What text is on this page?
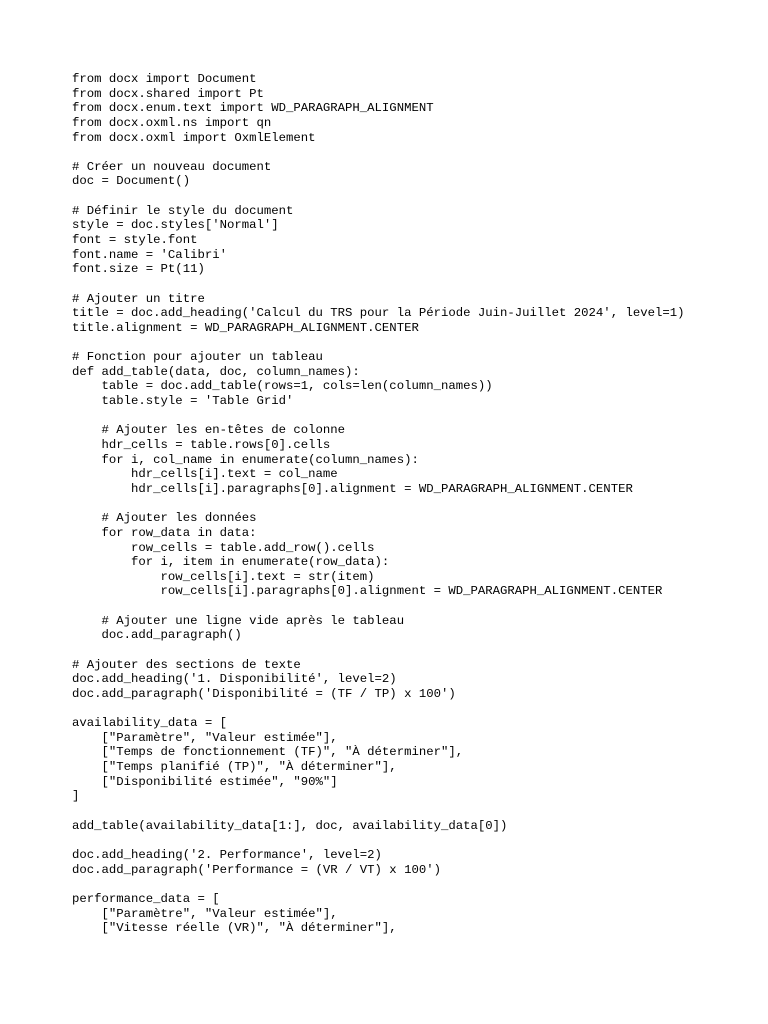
from docx import Document
from docx.shared import Pt
from docx.enum.text import WD_PARAGRAPH_ALIGNMENT
from docx.oxml.ns import qn
from docx.oxml import OxmlElement
# Créer un nouveau document
doc = Document()
# Définir le style du document
style = doc.styles['Normal']
font = style.font
font.name = 'Calibri'
font.size = Pt(11)
# Ajouter un titre
title = doc.add_heading('Calcul du TRS pour la Période Juin-Juillet 2024', level=1)
title.alignment = WD_PARAGRAPH_ALIGNMENT.CENTER
# Fonction pour ajouter un tableau
def add_table(data, doc, column_names):
table = doc.add_table(rows=1, cols=len(column_names))
table.style = 'Table Grid'
# Ajouter les en-têtes de colonne
hdr_cells = table.rows[0].cells
for i, col_name in enumerate(column_names):
hdr_cells[i].text = col_name
hdr_cells[i].paragraphs[0].alignment = WD_PARAGRAPH_ALIGNMENT.CENTER
# Ajouter les données
for row_data in data:
row_cells = table.add_row().cells
for i, item in enumerate(row_data):
row_cells[i].text = str(item)
row_cells[i].paragraphs[0].alignment = WD_PARAGRAPH_ALIGNMENT.CENTER
# Ajouter une ligne vide après le tableau
doc.add_paragraph()
# Ajouter des sections de texte
doc.add_heading('1. Disponibilité', level=2)
doc.add_paragraph('Disponibilité = (TF / TP) x 100')
availability_data = [
["Paramètre", "Valeur estimée"],
["Temps de fonctionnement (TF)", "À déterminer"],
["Temps planifié (TP)", "À déterminer"],
["Disponibilité estimée", "90%"]
]
add_table(availability_data[1:], doc, availability_data[0])
doc.add_heading('2. Performance', level=2)
doc.add_paragraph('Performance = (VR / VT) x 100')
performance_data = [
["Paramètre", "Valeur estimée"],
["Vitesse réelle (VR)", "À déterminer"],
